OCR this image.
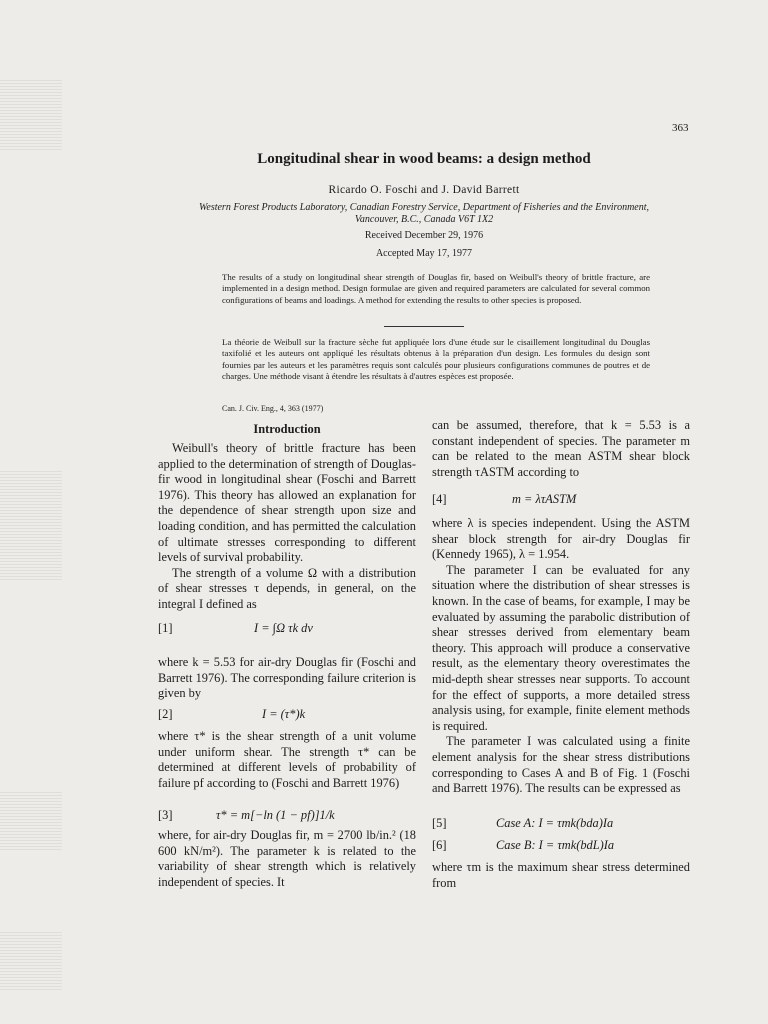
363
Longitudinal shear in wood beams: a design method
Ricardo O. Foschi and J. David Barrett
Western Forest Products Laboratory, Canadian Forestry Service, Department of Fisheries and the Environment,
Vancouver, B.C., Canada V6T 1X2
Received December 29, 1976
Accepted May 17, 1977
The results of a study on longitudinal shear strength of Douglas fir, based on Weibull's theory of brittle fracture, are implemented in a design method. Design formulae are given and required parameters are calculated for several common configurations of beams and loadings. A method for extending the results to other species is proposed.
La théorie de Weibull sur la fracture sèche fut appliquée lors d'une étude sur le cisaillement longitudinal du Douglas taxifolié et les auteurs ont appliqué les résultats obtenus à la préparation d'un design. Les formules du design sont fournies par les auteurs et les paramètres requis sont calculés pour plusieurs configurations communes de poutres et de charges. Une méthode visant à étendre les résultats à d'autres espèces est proposée.
Can. J. Civ. Eng., 4, 363 (1977)
Introduction

Weibull's theory of brittle fracture has been applied to the determination of strength of Douglas-fir wood in longitudinal shear (Foschi and Barrett 1976). This theory has allowed an explanation for the dependence of shear strength upon size and loading condition, and has permitted the calculation of ultimate stresses corresponding to different levels of survival probability.

The strength of a volume Ω with a distribution of shear stresses τ depends, in general, on the integral I defined as

[1]	I = ∫Ω τk dv

where k = 5.53 for air-dry Douglas fir (Foschi and Barrett 1976). The corresponding failure criterion is given by

[2]	I = (τ*)k

where τ* is the shear strength of a unit volume under uniform shear. The strength τ* can be determined at different levels of probability of failure pf according to (Foschi and Barrett 1976)

[3]	τ* = m[−ln (1 − pf)]1/k

where, for air-dry Douglas fir, m = 2700 lb/in.² (18 600 kN/m²). The parameter k is related to the variability of shear strength which is relatively independent of species. It

can be assumed, therefore, that k = 5.53 is a constant independent of species. The parameter m can be related to the mean ASTM shear block strength τASTM according to

[4]	m = λτASTM

where λ is species independent. Using the ASTM shear block strength for air-dry Douglas fir (Kennedy 1965), λ = 1.954.

The parameter I can be evaluated for any situation where the distribution of shear stresses is known. In the case of beams, for example, I may be evaluated by assuming the parabolic distribution of shear stresses derived from elementary beam theory. This approach will produce a conservative result, as the elementary theory overestimates the mid-depth shear stresses near supports. To account for the effect of supports, a more detailed stress analysis using, for example, finite element methods is required.

The parameter I was calculated using a finite element analysis for the shear stress distributions corresponding to Cases A and B of Fig. 1 (Foschi and Barrett 1976). The results can be expressed as

[5]	Case A: I = τmk(bda)Ia
[6]	Case B: I = τmk(bdL)Ia

where τm is the maximum shear stress determined from
